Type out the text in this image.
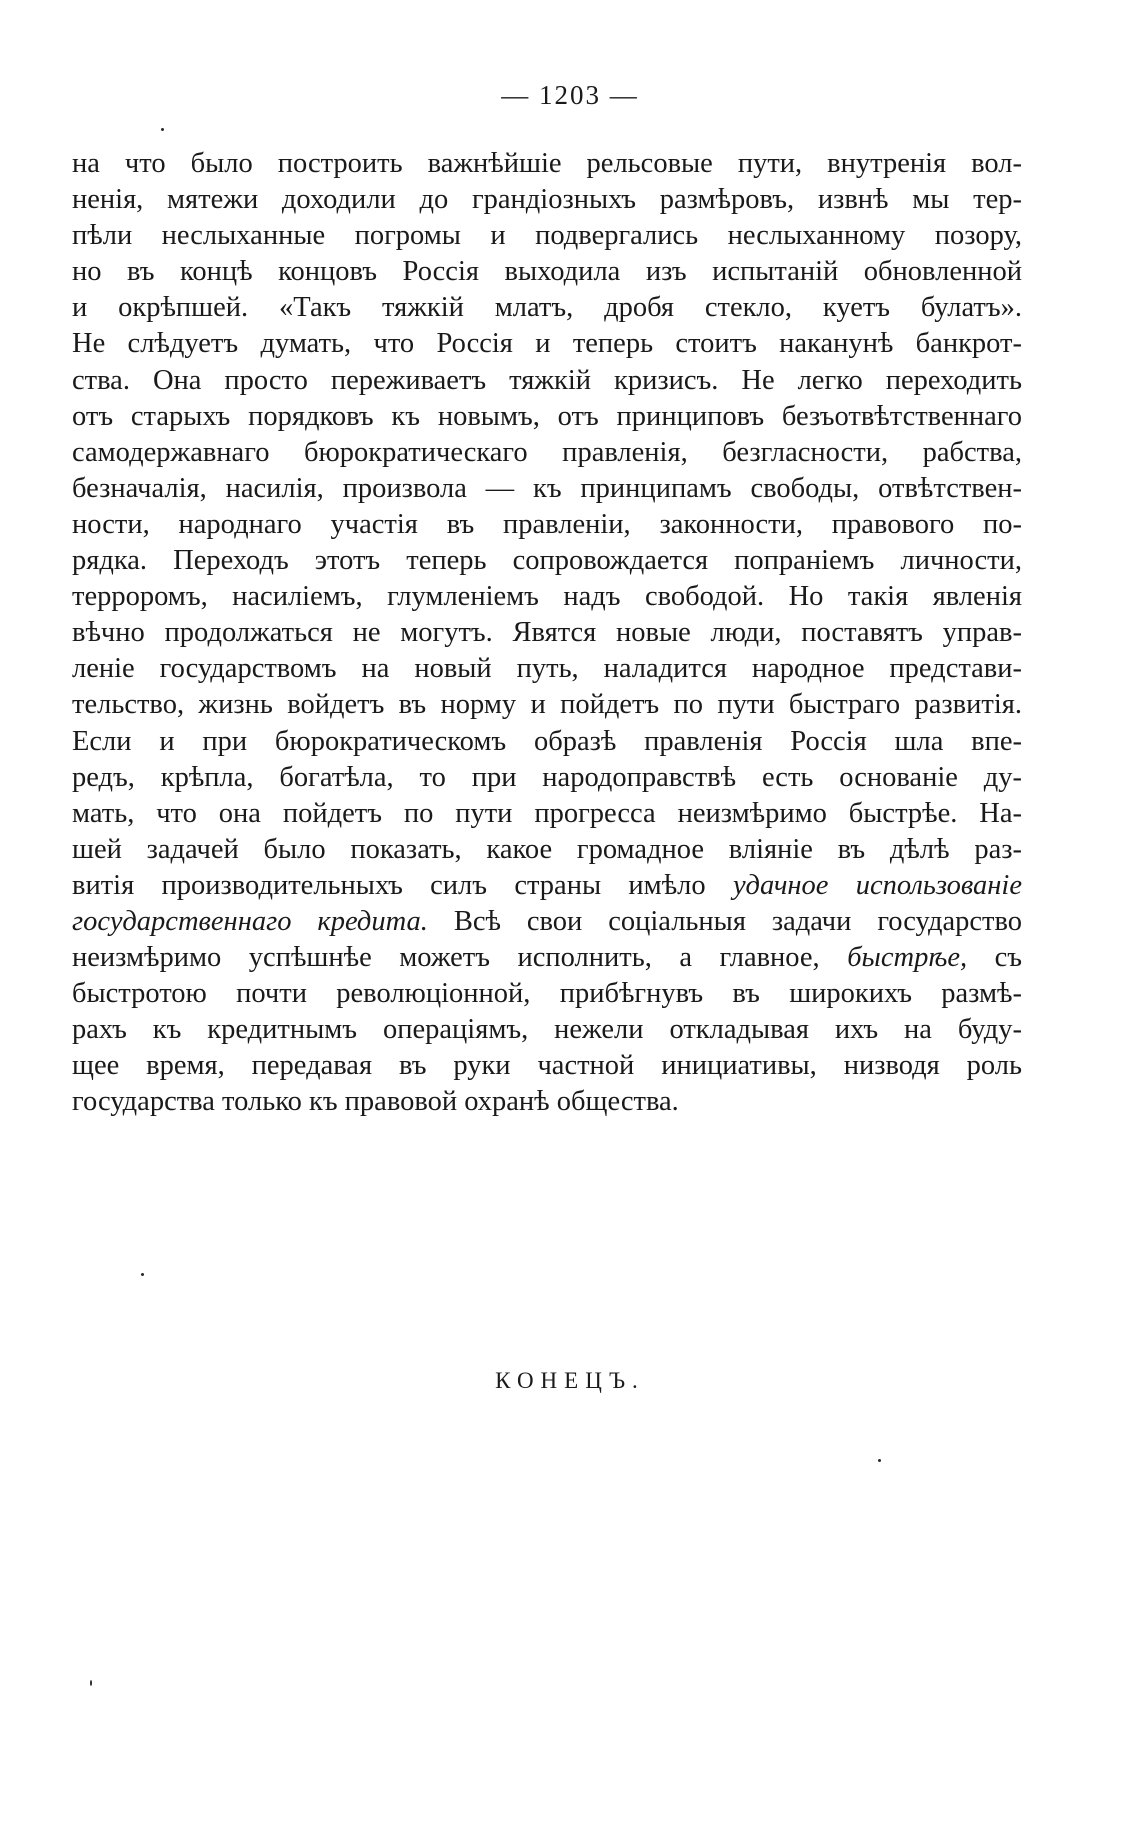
— 1203 —
на что было построить важнѣйшіе рельсовые пути, внутренія вол-
ненія, мятежи доходили до грандіозныхъ размѣровъ, извнѣ мы тер-
пѣли неслыханные погромы и подвергались неслыханному позору,
но въ концѣ концовъ Россія выходила изъ испытаній обновленной
и окрѣпшей. «Такъ тяжкій млатъ, дробя стекло, куетъ булатъ».
Не слѣдуетъ думать, что Россія и теперь стоитъ наканунѣ банкрот-
ства. Она просто переживаетъ тяжкій кризисъ. Не легко переходить
отъ старыхъ порядковъ къ новымъ, отъ принциповъ безъотвѣтственнаго
самодержавнаго бюрократическаго правленія, безгласности, рабства,
безначалія, насилія, произвола — къ принципамъ свободы, отвѣтствен-
ности, народнаго участія въ правленіи, законности, правового по-
рядка. Переходъ этотъ теперь сопровождается попраніемъ личности,
терроромъ, насиліемъ, глумленіемъ надъ свободой. Но такія явленія
вѣчно продолжаться не могутъ. Явятся новые люди, поставятъ управ-
леніе государствомъ на новый путь, наладится народное представи-
тельство, жизнь войдетъ въ норму и пойдетъ по пути быстраго развитія.
Если и при бюрократическомъ образѣ правленія Россія шла впе-
редъ, крѣпла, богатѣла, то при народоправствѣ есть основаніе ду-
мать, что она пойдетъ по пути прогресса неизмѣримо быстрѣе. На-
шей задачей было показать, какое громадное вліяніе въ дѣлѣ раз-
витія производительныхъ силъ страны имѣло удачное использованіе
государственнаго кредита. Всѣ свои соціальныя задачи государство
неизмѣримо успѣшнѣе можетъ исполнить, а главное, быстрѣе, съ
быстротою почти революціонной, прибѣгнувъ въ широкихъ размѣ-
рахъ къ кредитнымъ операціямъ, нежели откладывая ихъ на буду-
щее время, передавая въ руки частной инициативы, низводя роль
государства только къ правовой охранѣ общества.
КОНЕЦЪ.
